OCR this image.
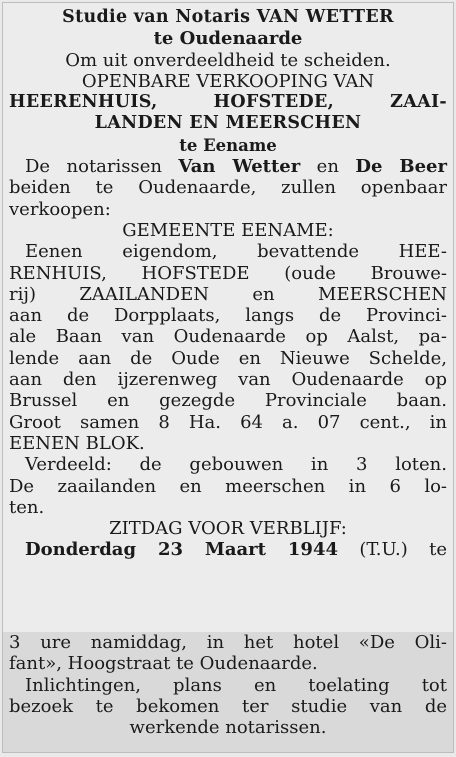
Studie van Notaris VAN WETTER
te Oudenaarde
Om uit onverdeeldheid te scheiden.
OPENBARE VERKOOPING VAN
HEERENHUIS, HOFSTEDE, ZAAI-
LANDEN EN MEERSCHEN
te Eename
De notarissen Van Wetter en De Beer
beiden te Oudenaarde, zullen openbaar
verkoopen:
GEMEENTE EENAME:
Eenen eigendom, bevattende HEE-
RENHUIS, HOFSTEDE (oude Brouwe-
rij) ZAAILANDEN en MEERSCHEN
aan de Dorpplaats, langs de Provinci-
ale Baan van Oudenaarde op Aalst, pa-
lende aan de Oude en Nieuwe Schelde,
aan den ijzerenweg van Oudenaarde op
Brussel en gezegde Provinciale baan.
Groot samen 8 Ha. 64 a. 07 cent., in
EENEN BLOK.
Verdeeld: de gebouwen in 3 loten.
De zaailanden en meerschen in 6 lo-
ten.
ZITDAG VOOR VERBLIJF:
Donderdag 23 Maart 1944 (T.U.) te
3 ure namiddag, in het hotel «De Oli-
fant», Hoogstraat te Oudenaarde.
Inlichtingen, plans en toelating tot
bezoek te bekomen ter studie van de
werkende notarissen.
